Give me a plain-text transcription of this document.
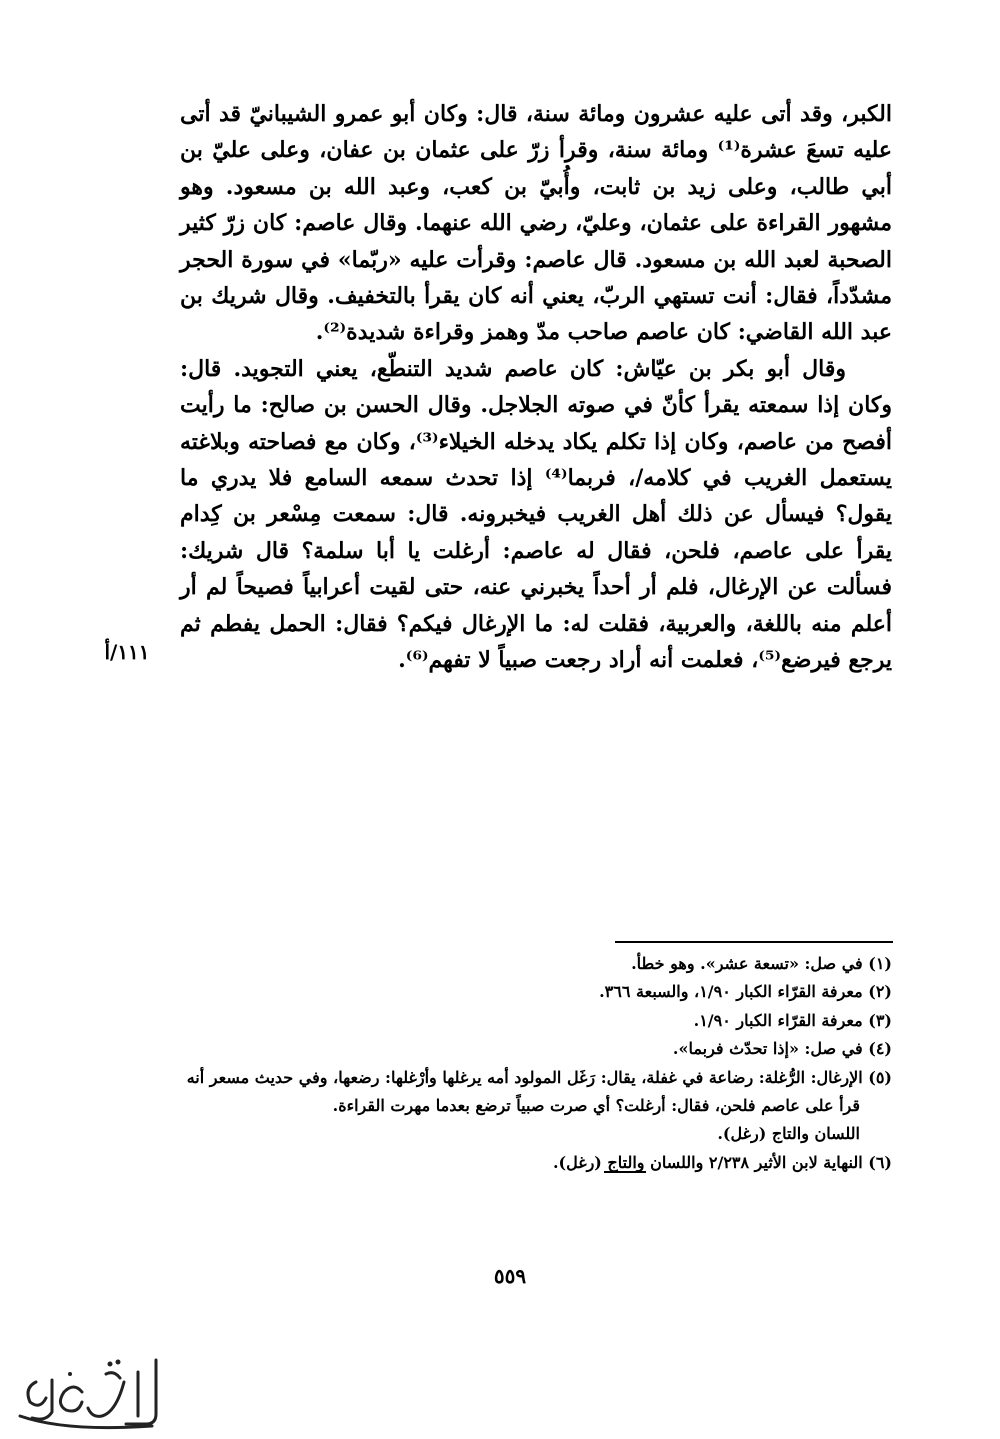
الكبر، وقد أتى عليه عشرون ومائة سنة، قال: وكان أبو عمرو الشيبانيّ قد أتى عليه تسعَ عشرة⁽¹⁾ ومائة سنة، وقرأ زرّ على عثمان بن عفان، وعلى عليّ بن أبي طالب، وعلى زيد بن ثابت، وأُبيّ بن كعب، وعبد الله بن مسعود. وهو مشهور القراءة على عثمان، وعليّ، رضي الله عنهما. وقال عاصم: كان زرّ كثير الصحبة لعبد الله بن مسعود. قال عاصم: وقرأت عليه «ربّما» في سورة الحجر مشدّداً، فقال: أنت تستهي الربّ، يعني أنه كان يقرأ بالتخفيف. وقال شريك بن عبد الله القاضي: كان عاصم صاحب مدّ وهمز وقراءة شديدة⁽²⁾.

وقال أبو بكر بن عيّاش: كان عاصم شديد التنطّع، يعني التجويد. قال: وكان إذا سمعته يقرأ كأنّ في صوته الجلاجل. وقال الحسن بن صالح: ما رأيت أفصح من عاصم، وكان إذا تكلم يكاد يدخله الخيلاء⁽³⁾، وكان مع فصاحته وبلاغته يستعمل الغريب في كلامه/، فربما⁽⁴⁾ إذا تحدث سمعه السامع فلا يدري ما يقول؟ فيسأل عن ذلك أهل الغريب فيخبرونه. قال: سمعت مِسْعر بن كِدام يقرأ على عاصم، فلحن، فقال له عاصم: أرغلت يا أبا سلمة؟ قال شريك: فسألت عن الإرغال، فلم أر أحداً يخبرني عنه، حتى لقيت أعرابياً فصيحاً لم أر أعلم منه باللغة، والعربية، فقلت له: ما الإرغال فيكم؟ فقال: الحمل يفطم ثم يرجع فيرضع⁽⁵⁾، فعلمت أنه أراد رجعت صبياً لا تفهم⁽⁶⁾.

١١١/أ

(١) في صل: «تسعة عشر». وهو خطأ.

(٢) معرفة القرّاء الكبار ١/٩٠، والسبعة ٣٦٦.

(٣) معرفة القرّاء الكبار ١/٩٠.

(٤) في صل: «إذا تحدّث فربما».

(٥) الإرغال: الرُّغلة: رضاعة في غفلة، يقال: رَغَل المولود أمه يرغلها وأرْغلها: رضعها، وفي حديث مسعر أنه قرأ على عاصم فلحن، فقال: أرغلت؟ أي صرت صبياً ترضع بعدما مهرت القراءة.

اللسان والتاج (رغل).

(٦) النهاية لابن الأثير ٢/٢٣٨ واللسان والتاج (رغل).

٥٥٩
